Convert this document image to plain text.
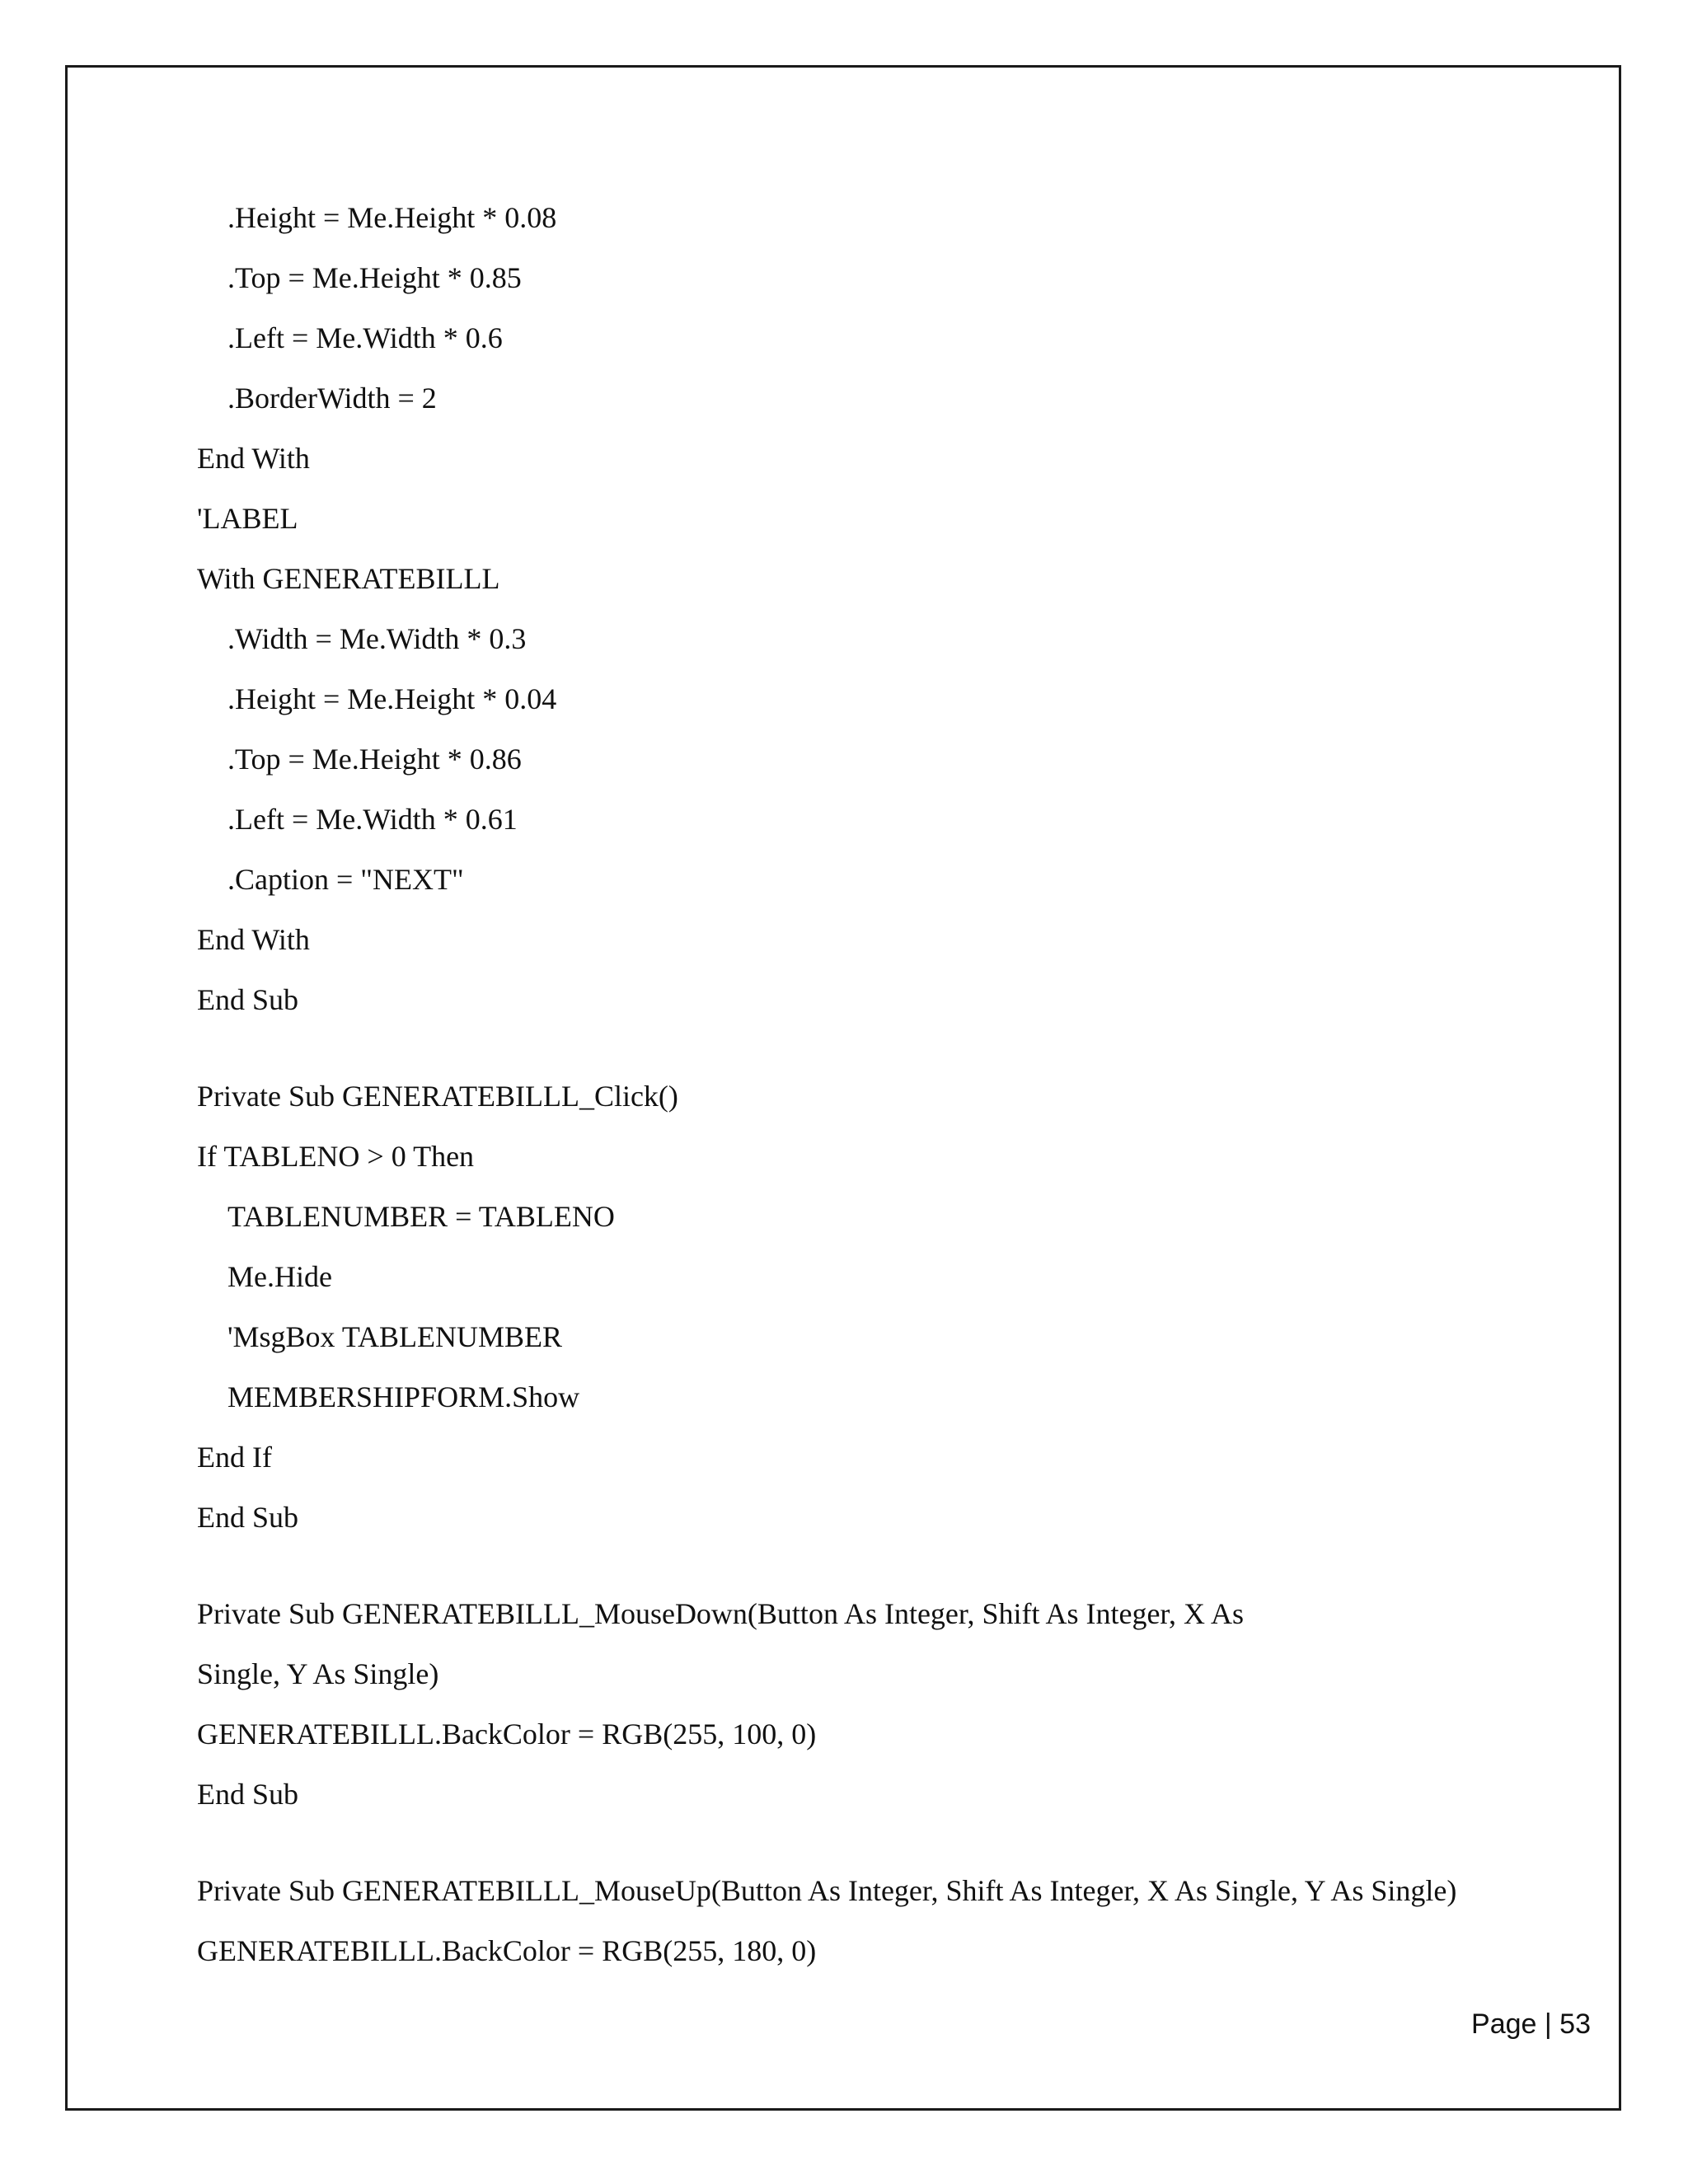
.Height = Me.Height * 0.08
.Top = Me.Height * 0.85
.Left = Me.Width * 0.6
.BorderWidth = 2
End With
'LABEL
With GENERATEBILLL
.Width = Me.Width * 0.3
.Height = Me.Height * 0.04
.Top = Me.Height * 0.86
.Left = Me.Width * 0.61
.Caption = "NEXT"
End With
End Sub
Private Sub GENERATEBILLL_Click()
If TABLENO > 0 Then
TABLENUMBER = TABLENO
Me.Hide
'MsgBox TABLENUMBER
MEMBERSHIPFORM.Show
End If
End Sub
Private Sub GENERATEBILLL_MouseDown(Button As Integer, Shift As Integer, X As
Single, Y As Single)
GENERATEBILLL.BackColor = RGB(255, 100, 0)
End Sub
Private Sub GENERATEBILLL_MouseUp(Button As Integer, Shift As Integer, X As Single, Y As Single)
GENERATEBILLL.BackColor = RGB(255, 180, 0)
Page | 53
